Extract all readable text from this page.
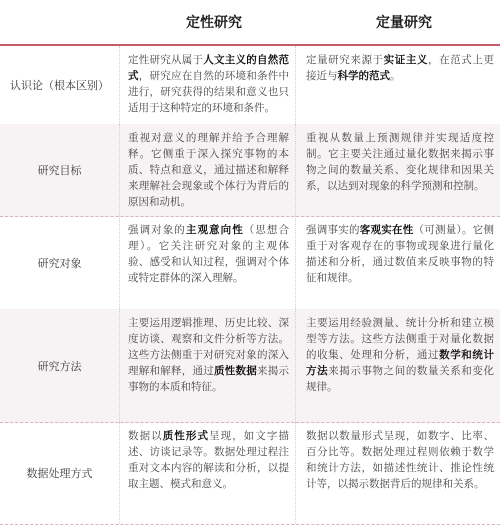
定性研究	定量研究
认识论（根本区别）
定性研究从属于人文主义的自然范式，研究应在自然的环境和条件中进行，研究获得的结果和意义也只适用于这种特定的环境和条件。
定量研究来源于实证主义，在范式上更接近与科学的范式。
研究目标
重视对意义的理解并给予合理解释。它侧重于深入探究事物的本质、特点和意义，通过描述和解释来理解社会现象或个体行为背后的原因和动机。
重视从数量上预测规律并实现适度控制。它主要关注通过量化数据来揭示事物之间的数量关系、变化规律和因果关系，以达到对现象的科学预测和控制。
研究对象
强调对象的主观意向性（思想合理）。它关注研究对象的主观体验、感受和认知过程，强调对个体或特定群体的深入理解。
强调事实的客观实在性（可测量）。它侧重于对客观存在的事物或现象进行量化描述和分析，通过数值来反映事物的特征和规律。
研究方法
主要运用逻辑推理、历史比较、深度访谈、观察和文件分析等方法。这些方法侧重于对研究对象的深入理解和解释，通过质性数据来揭示事物的本质和特征。
主要运用经验测量、统计分析和建立模型等方法。这些方法侧重于对量化数据的收集、处理和分析，通过数学和统计方法来揭示事物之间的数量关系和变化规律。
数据处理方式
数据以质性形式呈现，如文字描述、访谈记录等。数据处理过程注重对文本内容的解读和分析，以提取主题、模式和意义。
数据以数量形式呈现，如数字、比率、百分比等。数据处理过程则依赖于数学和统计方法，如描述性统计、推论性统计等，以揭示数据背后的规律和关系。
